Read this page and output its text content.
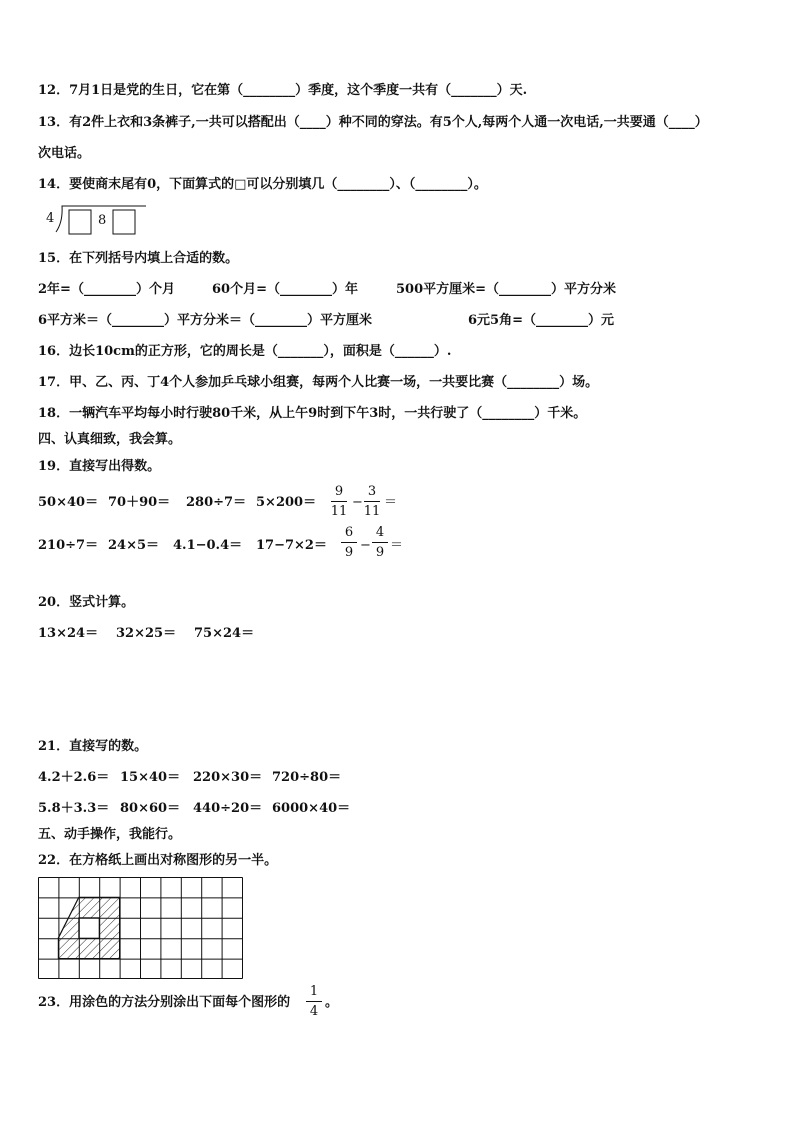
12．7月1日是党的生日，它在第（________）季度，这个季度一共有（_______）天.
13．有2件上衣和3条裤子,一共可以搭配出（____）种不同的穿法。有5个人,每两个人通一次电话,一共要通（____）
次电话。
14．要使商末尾有0，下面算式的□可以分别填几（________）、（________）。
4	8
15．在下列括号内填上合适的数。
2年=（________）个月	60个月=（________）年	500平方厘米=（________）平方分米
6平方米＝（________）平方分米＝（________）平方厘米	6元5角=（________）元
16．边长10cm的正方形，它的周长是（_______），面积是（______）.
17．甲、乙、丙、丁4个人参加乒乓球小组赛，每两个人比赛一场，一共要比赛（________）场。
18．一辆汽车平均每小时行驶80千米，从上午9时到下午3时，一共行驶了（________）千米。
四、认真细致，我会算。
19．直接写出得数。
50×40＝ 70＋90＝ 280÷7＝ 5×200＝
9
11
−
3
11
＝
210÷7＝ 24×5＝ 4.1−0.4＝ 17−7×2＝
6
9 −
4
9 ＝
20．竖式计算。
13×24＝ 32×25＝ 75×24＝
21．直接写的数。
4.2＋2.6＝ 15×40＝ 220×30＝ 720÷80＝
5.8＋3.3＝ 80×60＝ 440÷20＝ 6000×40＝
五、动手操作，我能行。
22．在方格纸上画出对称图形的另一半。
23．用涂色的方法分别涂出下面每个图形的
1
4
。
